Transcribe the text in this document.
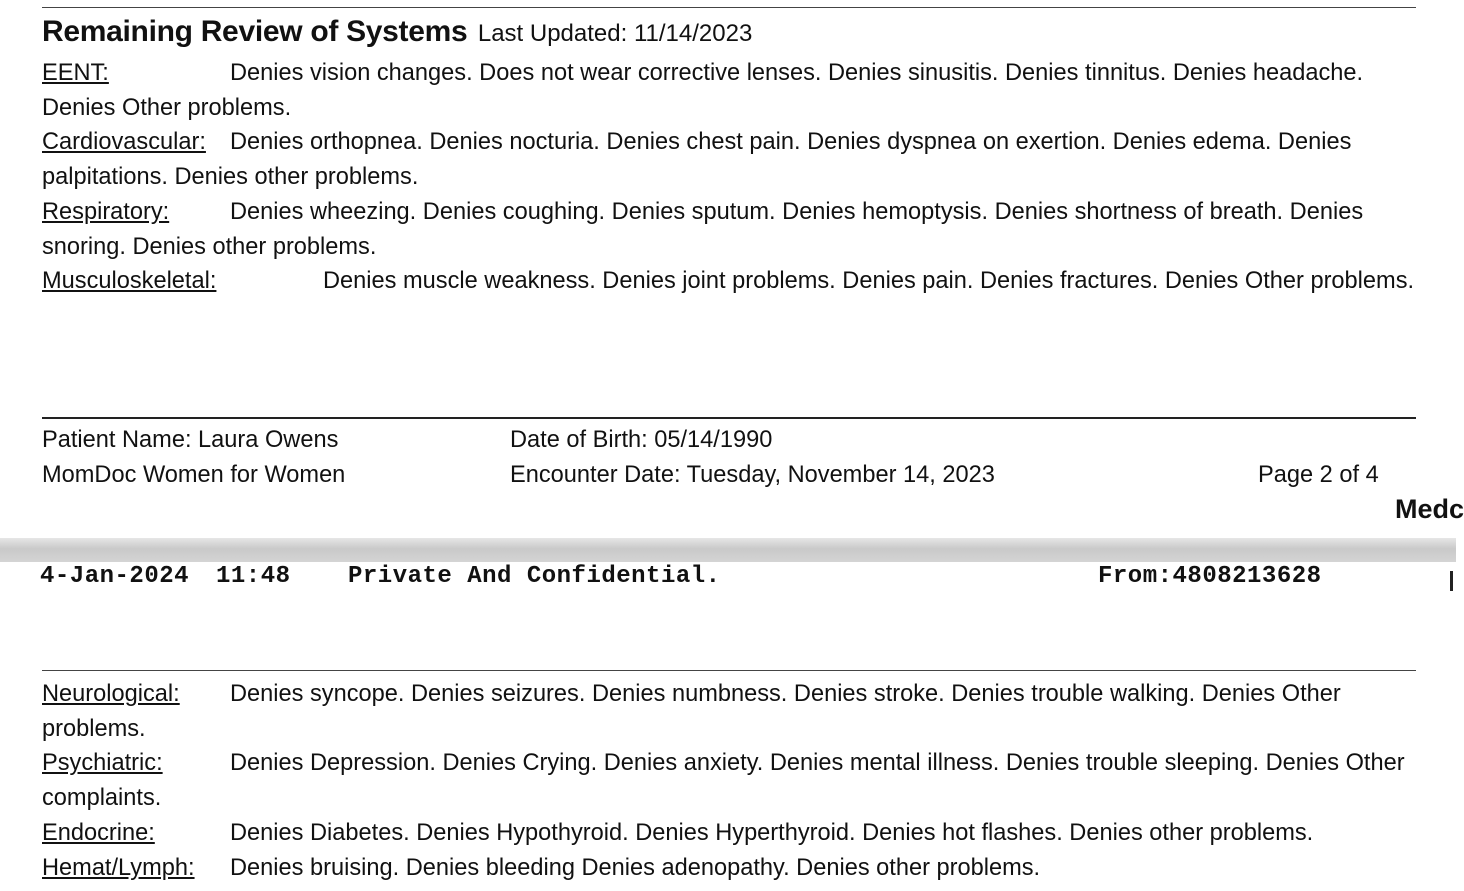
Remaining Review of Systems Last Updated: 11/14/2023

EENT:	Denies vision changes. Does not wear corrective lenses. Denies sinusitis. Denies tinnitus. Denies headache. Denies Other problems.

Cardiovascular: Denies orthopnea. Denies nocturia. Denies chest pain. Denies dyspnea on exertion. Denies edema. Denies palpitations. Denies other problems.

Respiratory:	Denies wheezing. Denies coughing. Denies sputum. Denies hemoptysis. Denies shortness of breath. Denies snoring. Denies other problems.

Musculoskeletal:	Denies muscle weakness. Denies joint problems. Denies pain. Denies fractures. Denies Other problems.

Patient Name: Laura Owens
MomDoc Women for Women
Date of Birth: 05/14/1990
Encounter Date: Tuesday, November 14, 2023	Page 2 of 4
Medc

Neurological: Denies syncope. Denies seizures. Denies numbness. Denies stroke. Denies trouble walking. Denies Other problems.

Psychiatric:	Denies Depression. Denies Crying. Denies anxiety. Denies mental illness. Denies trouble sleeping. Denies Other complaints.

Endocrine:	Denies Diabetes. Denies Hypothyroid. Denies Hyperthyroid. Denies hot flashes. Denies other problems.

Hemat/Lymph: Denies bruising. Denies bleeding Denies adenopathy. Denies other problems.

4-Jan-2024 11:48 Private And Confidential.	From:4808213628
